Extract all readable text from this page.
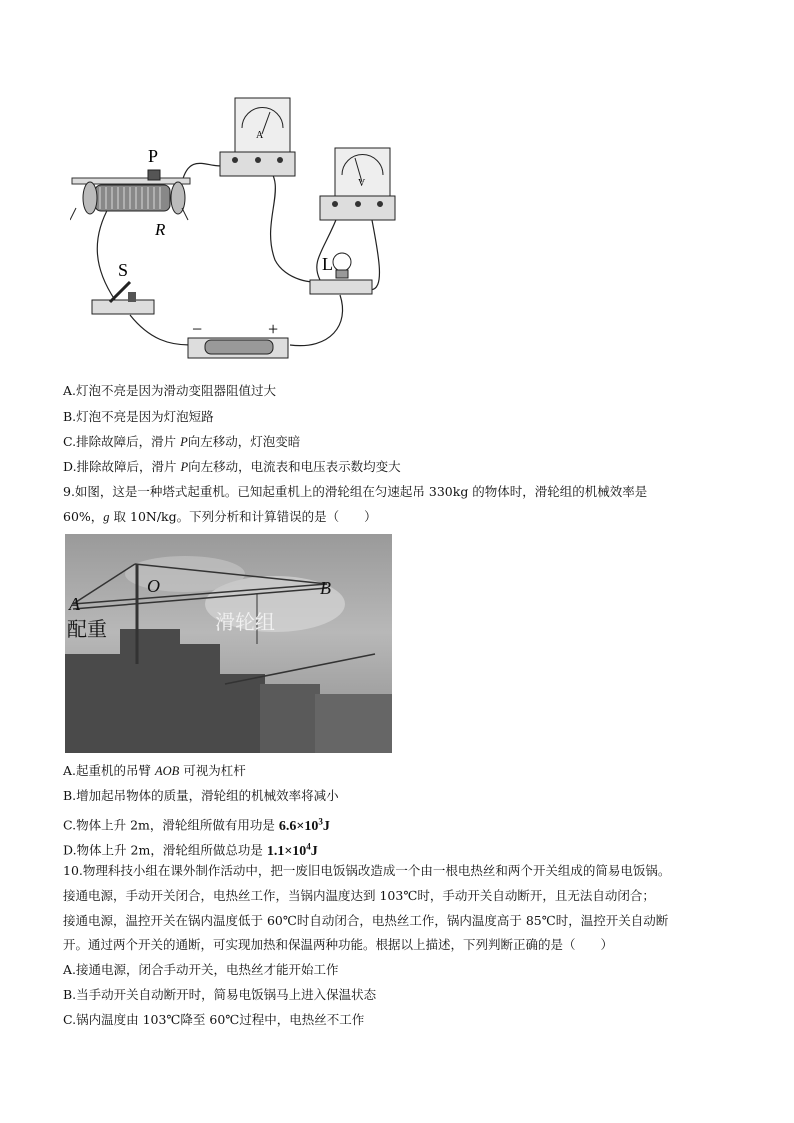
P
R
A
V
L
S
−	+
A.灯泡不亮是因为滑动变阻器阻值过大
B.灯泡不亮是因为灯泡短路
C.排除故障后，滑片 P向左移动，灯泡变暗
D.排除故障后，滑片 P向左移动，电流表和电压表示数均变大
9.如图，这是一种塔式起重机。已知起重机上的滑轮组在匀速起吊 330kg 的物体时，滑轮组的机械效率是
60%，g 取 10N/kg。下列分析和计算错误的是（　　）
A
O	B
配重	滑轮组
A.起重机的吊臂 AOB 可视为杠杆
B.增加起吊物体的质量，滑轮组的机械效率将减小
C.物体上升 2m，滑轮组所做有用功是 $6.6\times 10^3J$
D.物体上升 2m，滑轮组所做总功是 $1.1\times 10^4J$
10.物理科技小组在课外制作活动中，把一废旧电饭锅改造成一个由一根电热丝和两个开关组成的简易电饭锅。
接通电源，手动开关闭合，电热丝工作，当锅内温度达到 103℃时，手动开关自动断开，且无法自动闭合；
接通电源，温控开关在锅内温度低于 60℃时自动闭合，电热丝工作，锅内温度高于 85℃时，温控开关自动断
开。通过两个开关的通断，可实现加热和保温两种功能。根据以上描述，下列判断正确的是（　　）
A.接通电源，闭合手动开关，电热丝才能开始工作
B.当手动开关自动断开时，简易电饭锅马上进入保温状态
C.锅内温度由 103℃降至 60℃过程中，电热丝不工作
